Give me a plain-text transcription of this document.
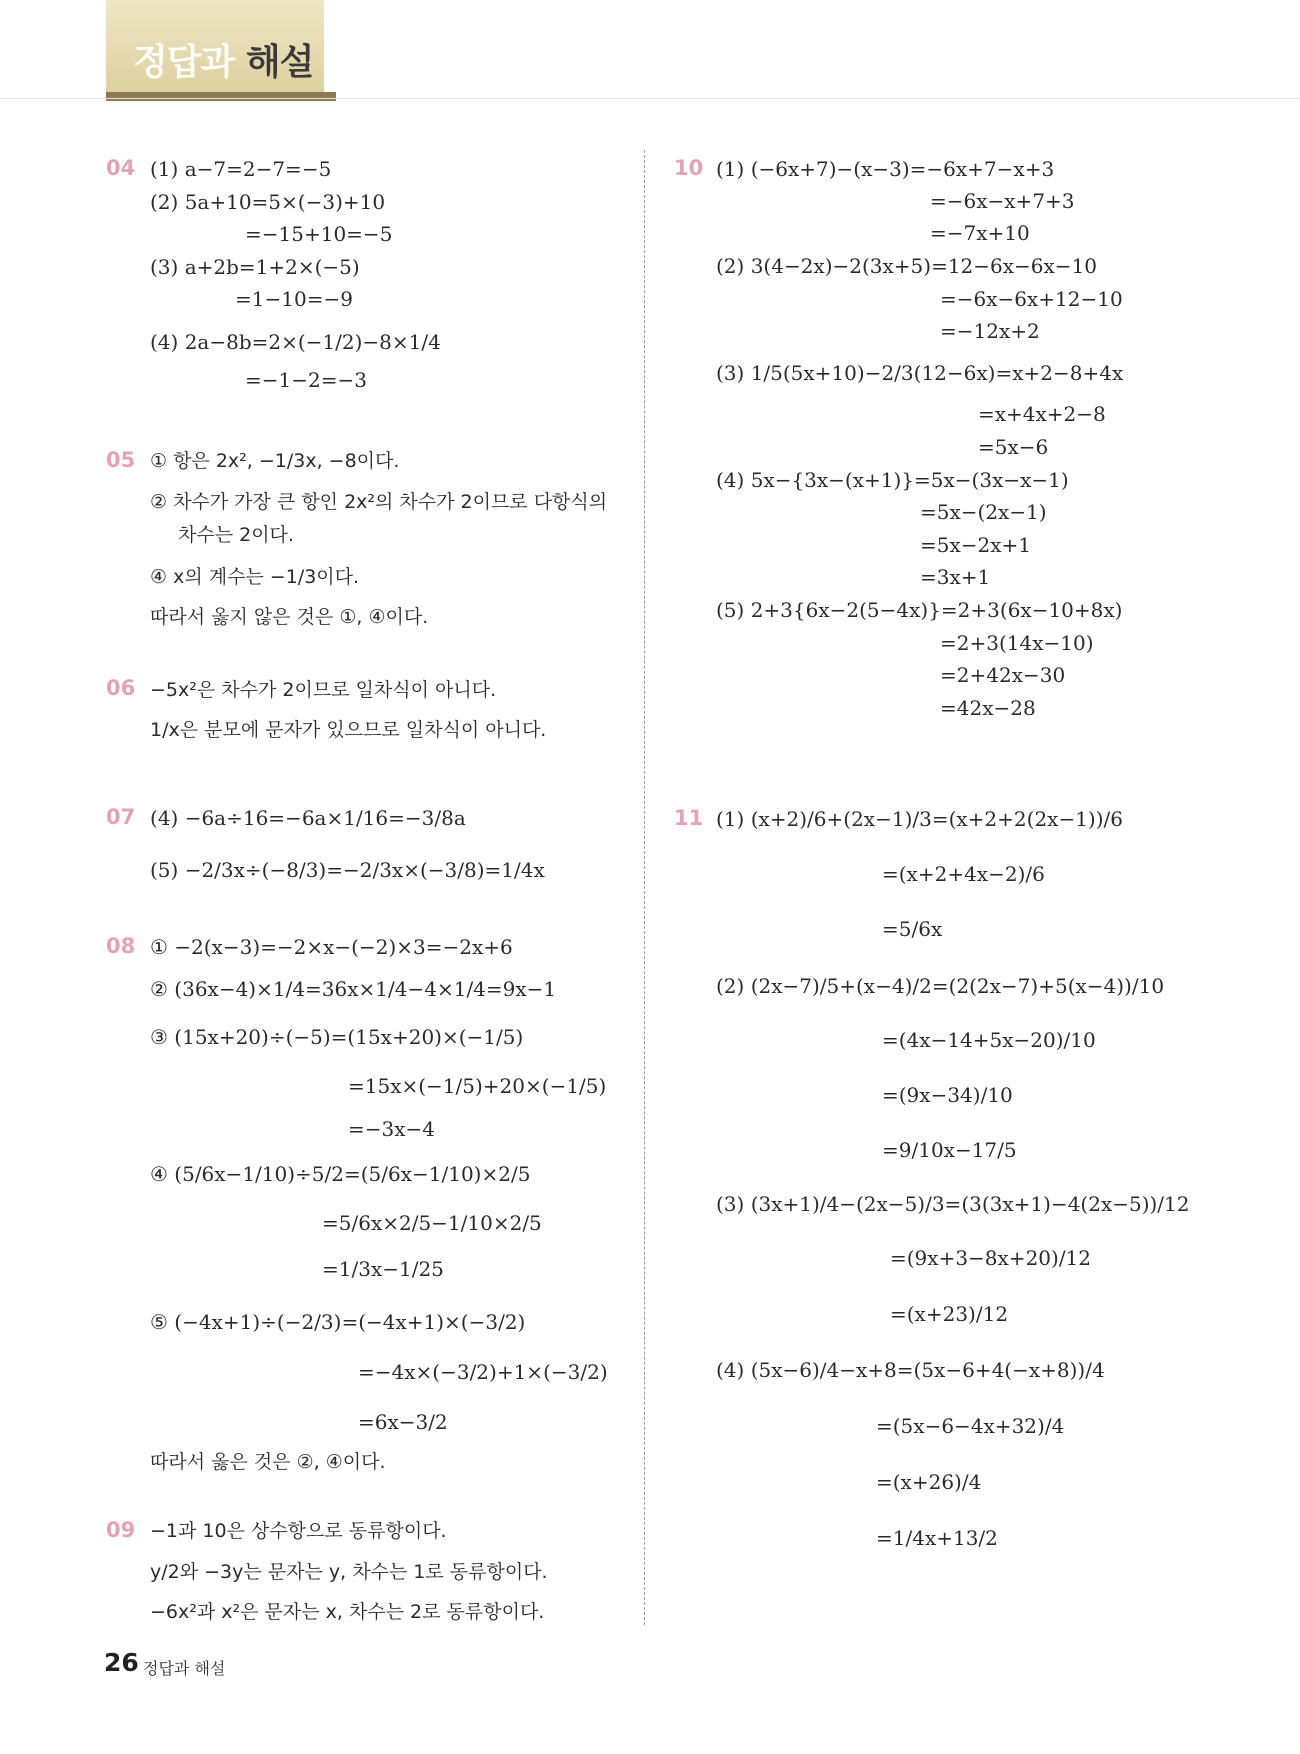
정답과 해설
04 (1) a−7=2−7=−5
(2) 5a+10=5×(−3)+10
=−15+10=−5
(3) a+2b=1+2×(−5)
=1−10=−9
(4) 2a−8b=2×(−1/2)−8×1/4
=−1−2=−3
05 ① 항은 2x², −1/3x, −8이다.
② 차수가 가장 큰 항인 2x²의 차수가 2이므로 다항식의
차수는 2이다.
④ x의 계수는 −1/3이다.
따라서 옳지 않은 것은 ①, ④이다.
06 −5x²은 차수가 2이므로 일차식이 아니다.
1/x은 분모에 문자가 있으므로 일차식이 아니다.
07 (4) −6a÷16=−6a×1/16=−3/8a
(5) −2/3x÷(−8/3)=−2/3x×(−3/8)=1/4x
08 ① −2(x−3)=−2×x−(−2)×3=−2x+6
② (36x−4)×1/4=36x×1/4−4×1/4=9x−1
③ (15x+20)÷(−5)=(15x+20)×(−1/5)
=15x×(−1/5)+20×(−1/5)
=−3x−4
④ (5/6x−1/10)÷5/2=(5/6x−1/10)×2/5
=5/6x×2/5−1/10×2/5
=1/3x−1/25
⑤ (−4x+1)÷(−2/3)=(−4x+1)×(−3/2)
=−4x×(−3/2)+1×(−3/2)
=6x−3/2
따라서 옳은 것은 ②, ④이다.
09 −1과 10은 상수항으로 동류항이다.
y/2와 −3y는 문자는 y, 차수는 1로 동류항이다.
−6x²과 x²은 문자는 x, 차수는 2로 동류항이다.
10 (1) (−6x+7)−(x−3)=−6x+7−x+3
=−6x−x+7+3
=−7x+10
(2) 3(4−2x)−2(3x+5)=12−6x−6x−10
=−6x−6x+12−10
=−12x+2
(3) 1/5(5x+10)−2/3(12−6x)=x+2−8+4x
=x+4x+2−8
=5x−6
(4) 5x−{3x−(x+1)}=5x−(3x−x−1)
=5x−(2x−1)
=5x−2x+1
=3x+1
(5) 2+3{6x−2(5−4x)}=2+3(6x−10+8x)
=2+3(14x−10)
=2+42x−30
=42x−28
11 (1) (x+2)/6+(2x−1)/3=(x+2+2(2x−1))/6
=(x+2+4x−2)/6
=5/6x
(2) (2x−7)/5+(x−4)/2=(2(2x−7)+5(x−4))/10
=(4x−14+5x−20)/10
=(9x−34)/10
=9/10x−17/5
(3) (3x+1)/4−(2x−5)/3=(3(3x+1)−4(2x−5))/12
=(9x+3−8x+20)/12
=(x+23)/12
(4) (5x−6)/4−x+8=(5x−6+4(−x+8))/4
=(5x−6−4x+32)/4
=(x+26)/4
=1/4x+13/2
26 정답과 해설
